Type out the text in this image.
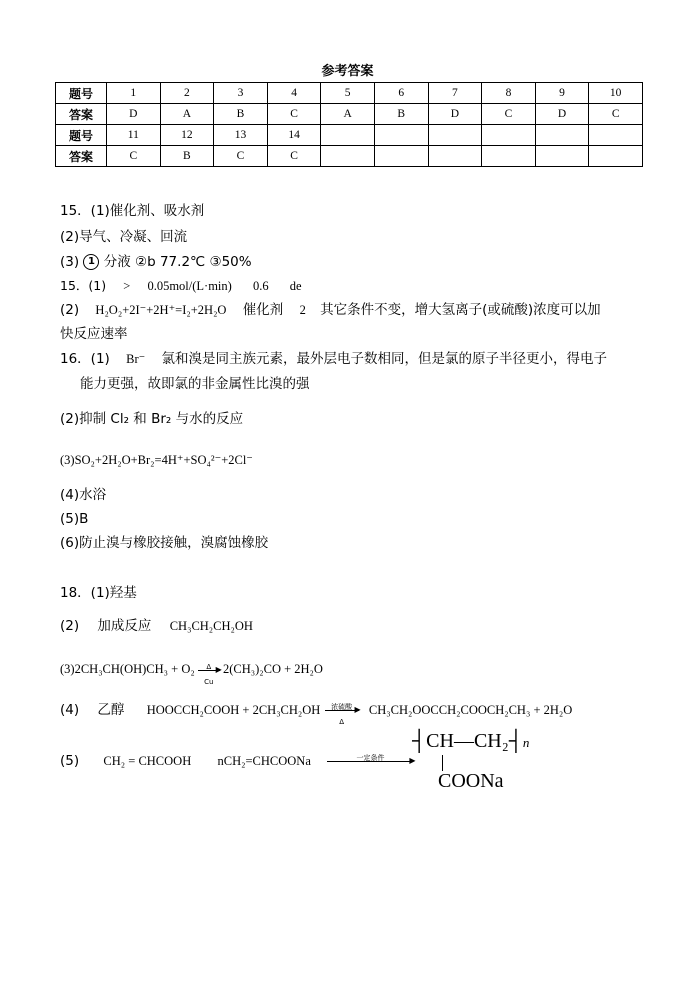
参考答案
题号	1	2	3	4	5	6	7	8	9	10
答案	D	A	B	C	A	B	D	C	D	C
题号	11	12	13	14						
答案	C	B	C	C						
15．(1)催化剂、吸水剂
(2)导气、冷凝、回流
(3) 1 分液 ②b 77.2℃ ③50%
15．(1) > 0.05mol/(L·min) 0.6 de
(2) H₂O₂+2I⁻+2H⁺=I₂+2H₂O 催化剂 2 其它条件不变，增大氢离子(或硫酸)浓度可以加
快反应速率
16．(1) Br⁻ 氯和溴是同主族元素，最外层电子数相同，但是氯的原子半径更小，得电子
能力更强，故即氯的非金属性比溴的强
(2)抑制 Cl₂ 和 Br₂ 与水的反应
(3)SO₂+2H₂O+Br₂=4H⁺+SO₄²⁻+2Cl⁻
(4)水浴
(5)B
(6)防止溴与橡胶接触，溴腐蚀橡胶
18．(1)羟基
(2) 加成反应 CH₃CH₂CH₂OH
(3)2CH₃CH(OH)CH₃ + O₂	Δ ▶
Cu
2(CH₃)₂CO + 2H₂O
(4) 乙醇 HOOCCH₂COOH + 2CH₃CH₂OH	浓硫酸 ▶
Δ
CH₃CH₂OOCCH₂COOCH₂CH₃ + 2H₂O
(5) CH₂ = CHCOOH nCH₂=CHCOONa	一定条件	▶
┤CH—CH₂┤n
COONa
